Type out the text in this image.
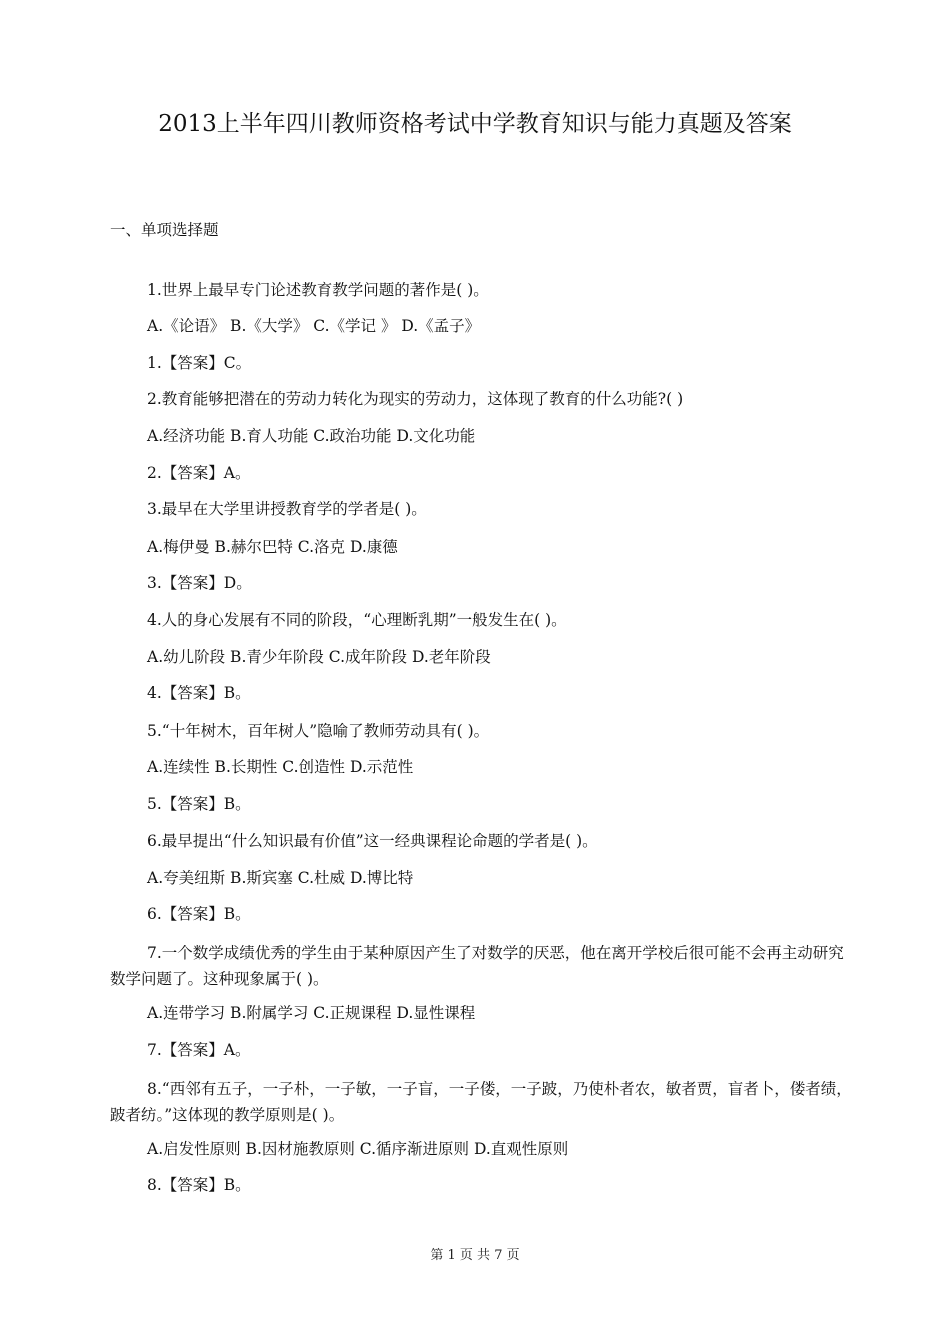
2013上半年四川教师资格考试中学教育知识与能力真题及答案
一、单项选择题
1.世界上最早专门论述教育教学问题的著作是( )。
A.《论语》 B.《大学》 C.《学记 》 D.《孟子》
1.【答案】C。
2.教育能够把潜在的劳动力转化为现实的劳动力，这体现了教育的什么功能?( )
A.经济功能 B.育人功能 C.政治功能 D.文化功能
2.【答案】A。
3.最早在大学里讲授教育学的学者是( )。
A.梅伊曼 B.赫尔巴特 C.洛克 D.康德
3.【答案】D。
4.人的身心发展有不同的阶段，“心理断乳期”一般发生在( )。
A.幼儿阶段 B.青少年阶段 C.成年阶段 D.老年阶段
4.【答案】B。
5.“十年树木，百年树人”隐喻了教师劳动具有( )。
A.连续性 B.长期性 C.创造性 D.示范性
5.【答案】B。
6.最早提出“什么知识最有价值”这一经典课程论命题的学者是( )。
A.夸美纽斯 B.斯宾塞 C.杜威 D.博比特
6.【答案】B。
7.一个数学成绩优秀的学生由于某种原因产生了对数学的厌恶，他在离开学校后很可能不会再主动研究数学问题了。这种现象属于( )。
A.连带学习 B.附属学习 C.正规课程 D.显性课程
7.【答案】A。
8.“西邻有五子，一子朴，一子敏，一子盲，一子偻，一子跛，乃使朴者农，敏者贾，盲者卜，偻者绩，跛者纺。”这体现的教学原则是( )。
A.启发性原则 B.因材施教原则 C.循序渐进原则 D.直观性原则
8.【答案】B。
第 1 页 共 7 页
